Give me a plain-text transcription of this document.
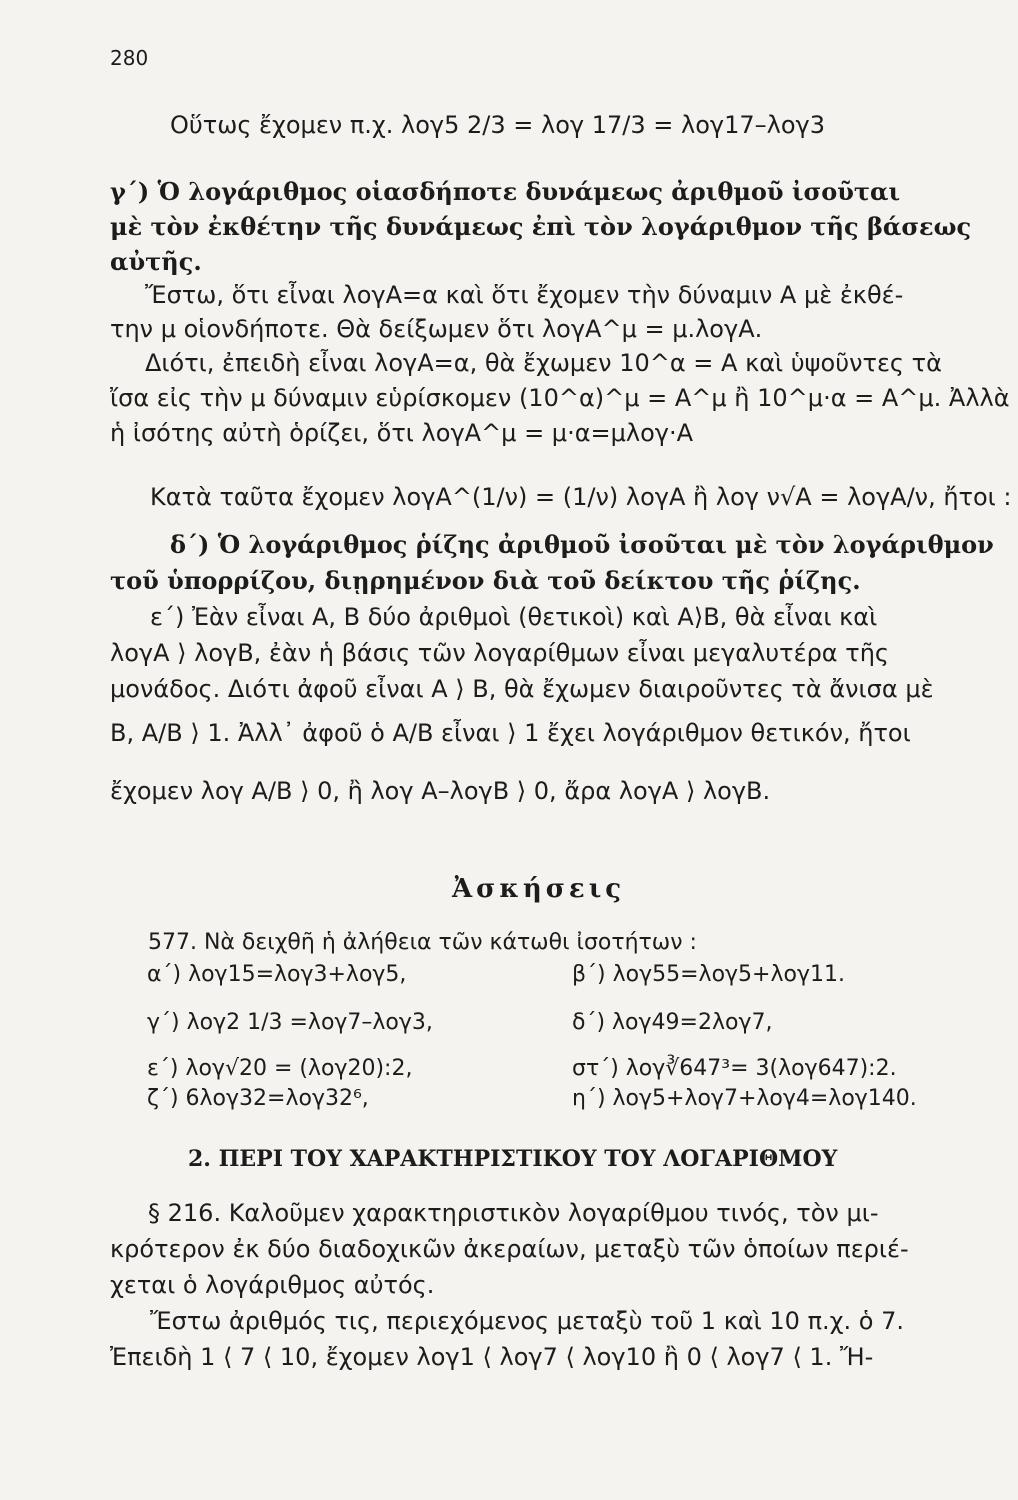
280
Οὕτως ἔχομεν π.χ. λογ5 2/3 = λογ 17/3 = λογ17–λογ3
γ΄) Ὁ λογάριθμος οἱασδήποτε δυνάμεως ἀριθμοῦ ἰσοῦται
μὲ τὸν ἐκθέτην τῆς δυνάμεως ἐπὶ τὸν λογάριθμον τῆς βάσεως
αὐτῆς.
Ἔστω, ὅτι εἶναι λογΑ=α καὶ ὅτι ἔχομεν τὴν δύναμιν Α μὲ ἐκθέ-
την μ οἱονδήποτε. Θὰ δείξωμεν ὅτι λογΑ^μ = μ.λογΑ.
Διότι, ἐπειδὴ εἶναι λογΑ=α, θὰ ἔχωμεν 10^α = Α καὶ ὑψοῦντες τὰ
ἴσα εἰς τὴν μ δύναμιν εὑρίσκομεν (10^α)^μ = Α^μ ἢ 10^μ·α = Α^μ. Ἀλλὰ
ἡ ἰσότης αὐτὴ ὁρίζει, ὅτι λογΑ^μ = μ·α=μλογ·Α
Κατὰ ταῦτα ἔχομεν λογΑ^(1/ν) = (1/ν) λογΑ ἢ λογ ν√Α = λογΑ/ν, ἤτοι :
δ΄) Ὁ λογάριθμος ῥίζης ἀριθμοῦ ἰσοῦται μὲ τὸν λογάριθμον
τοῦ ὑπορρίζου, διῃρημένον διὰ τοῦ δείκτου τῆς ῥίζης.
ε΄) Ἐὰν εἶναι Α, Β δύο ἀριθμοὶ (θετικοὶ) καὶ Α⟩Β, θὰ εἶναι καὶ
λογΑ ⟩ λογΒ, ἐὰν ἡ βάσις τῶν λογαρίθμων εἶναι μεγαλυτέρα τῆς
μονάδος. Διότι ἀφοῦ εἶναι Α ⟩ Β, θὰ ἔχωμεν διαιροῦντες τὰ ἄνισα μὲ
Β, Α/Β ⟩ 1. Ἀλλ᾽ ἀφοῦ ὁ Α/Β εἶναι ⟩ 1 ἔχει λογάριθμον θετικόν, ἤτοι
ἔχομεν λογ Α/Β ⟩ 0, ἢ λογ Α–λογΒ ⟩ 0, ἄρα λογΑ ⟩ λογΒ.
Ἀσκήσεις
577. Νὰ δειχθῆ ἡ ἀλήθεια τῶν κάτωθι ἰσοτήτων :
α΄) λογ15=λογ3+λογ5,	β΄) λογ55=λογ5+λογ11.
γ΄) λογ2 1/3 =λογ7–λογ3,	δ΄) λογ49=2λογ7,
ε΄) λογ√20 = (λογ20):2,	στ΄) λογ∛647³= 3(λογ647):2.
ζ΄) 6λογ32=λογ32⁶,	η΄) λογ5+λογ7+λογ4=λογ140.
2. ΠΕΡΙ ΤΟΥ ΧΑΡΑΚΤΗΡΙΣΤΙΚΟΥ ΤΟΥ ΛΟΓΑΡΙΘΜΟΥ
§ 216. Καλοῦμεν χαρακτηριστικὸν λογαρίθμου τινός, τὸν μι-
κρότερον ἐκ δύο διαδοχικῶν ἀκεραίων, μεταξὺ τῶν ὁποίων περιέ-
χεται ὁ λογάριθμος αὐτός.
Ἔστω ἀριθμός τις, περιεχόμενος μεταξὺ τοῦ 1 καὶ 10 π.χ. ὁ 7.
Ἐπειδὴ 1 ⟨ 7 ⟨ 10, ἔχομεν λογ1 ⟨ λογ7 ⟨ λογ10 ἢ 0 ⟨ λογ7 ⟨ 1. Ἤ-
